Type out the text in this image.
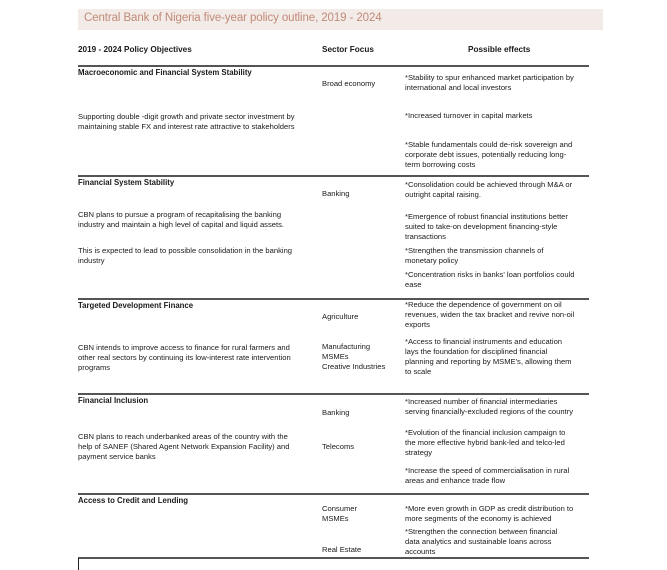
Central Bank of Nigeria five-year policy outline, 2019 - 2024
2019 - 2024 Policy Objectives	Sector Focus	Possible effects
Macroeconomic and Financial System Stability
Broad economy
Supporting double -digit growth and private sector investment by
maintaining stable FX and interest rate attractive to stakeholders
*Stability to spur enhanced market participation by
international and local investors
*Increased turnover in capital markets
*Stable fundamentals could de-risk sovereign and
corporate debt issues, potentially reducing long-
term borrowing costs
Financial System Stability
Banking
CBN plans to pursue a program of recapitalising the banking
industry and maintain a high level of capital and liquid assets.
This is expected to lead to possible consolidation in the banking
industry
*Consolidation could be achieved through M&A or
outright capital raising.
*Emergence of robust financial institutions better
suited to take-on development financing-style
transactions
*Strengthen the transmission channels of
monetary policy
*Concentration risks in banks' loan portfolios could
ease
Targeted Development Finance
Agriculture
Manufacturing
MSMEs
Creative Industries
CBN intends to improve access to finance for rural farmers and
other real sectors by continuing its low-interest rate intervention
programs
*Reduce the dependence of government on oil
revenues, widen the tax bracket and revive non-oil
exports
*Access to financial instruments and education
lays the foundation for disciplined financial
planning and reporting by MSME's, allowing them
to scale
Financial Inclusion
Banking
Telecoms
CBN plans to reach underbanked areas of the country with the
help of SANEF (Shared Agent Network Expansion Facility) and
payment service banks
*Increased number of financial intermediaries
serving financially-excluded regions of the country
*Evolution of the financial inclusion campaign to
the more effective hybrid bank-led and telco-led
strategy
*Increase the speed of commercialisation in rural
areas and enhance trade flow
Access to Credit and Lending
Consumer
MSMEs
Real Estate
*More even growth in GDP as credit distribution to
more segments of the economy is achieved
*Strengthen the connection between financial
data analytics and sustainable loans across
accounts
